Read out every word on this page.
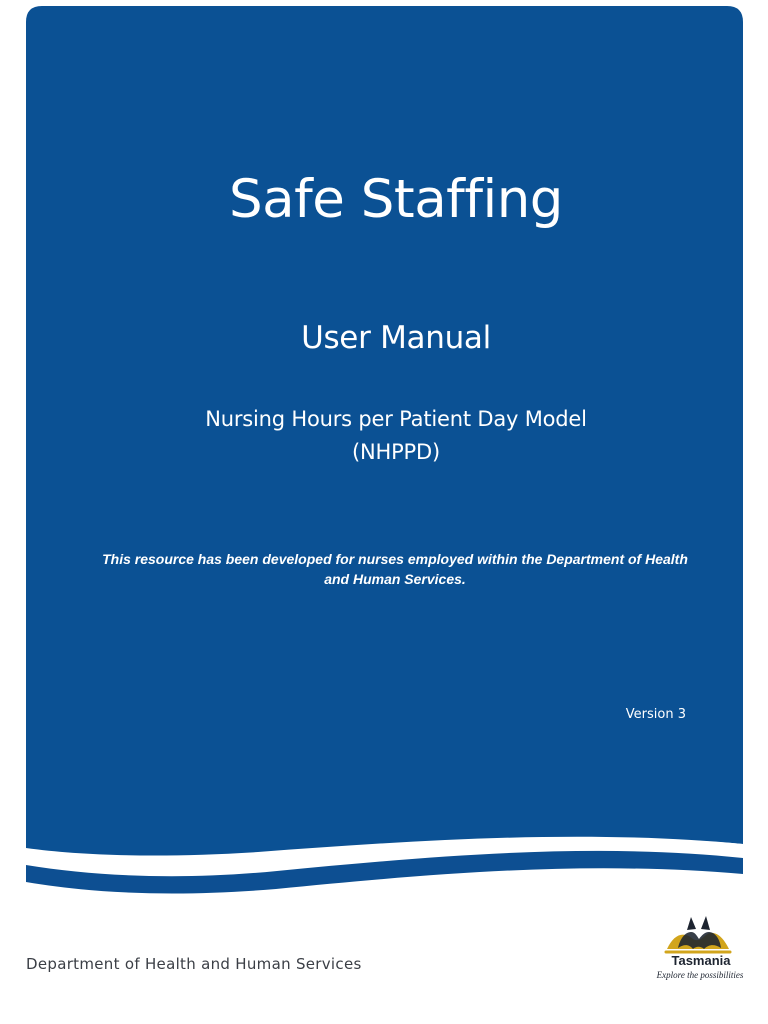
Safe Staffing
User Manual
Nursing Hours per Patient Day Model
(NHPPD)
This resource has been developed for nurses employed within the Department of Health and Human Services.
Version 3
Department of Health and Human Services	Tasmania
Explore the possibilities
